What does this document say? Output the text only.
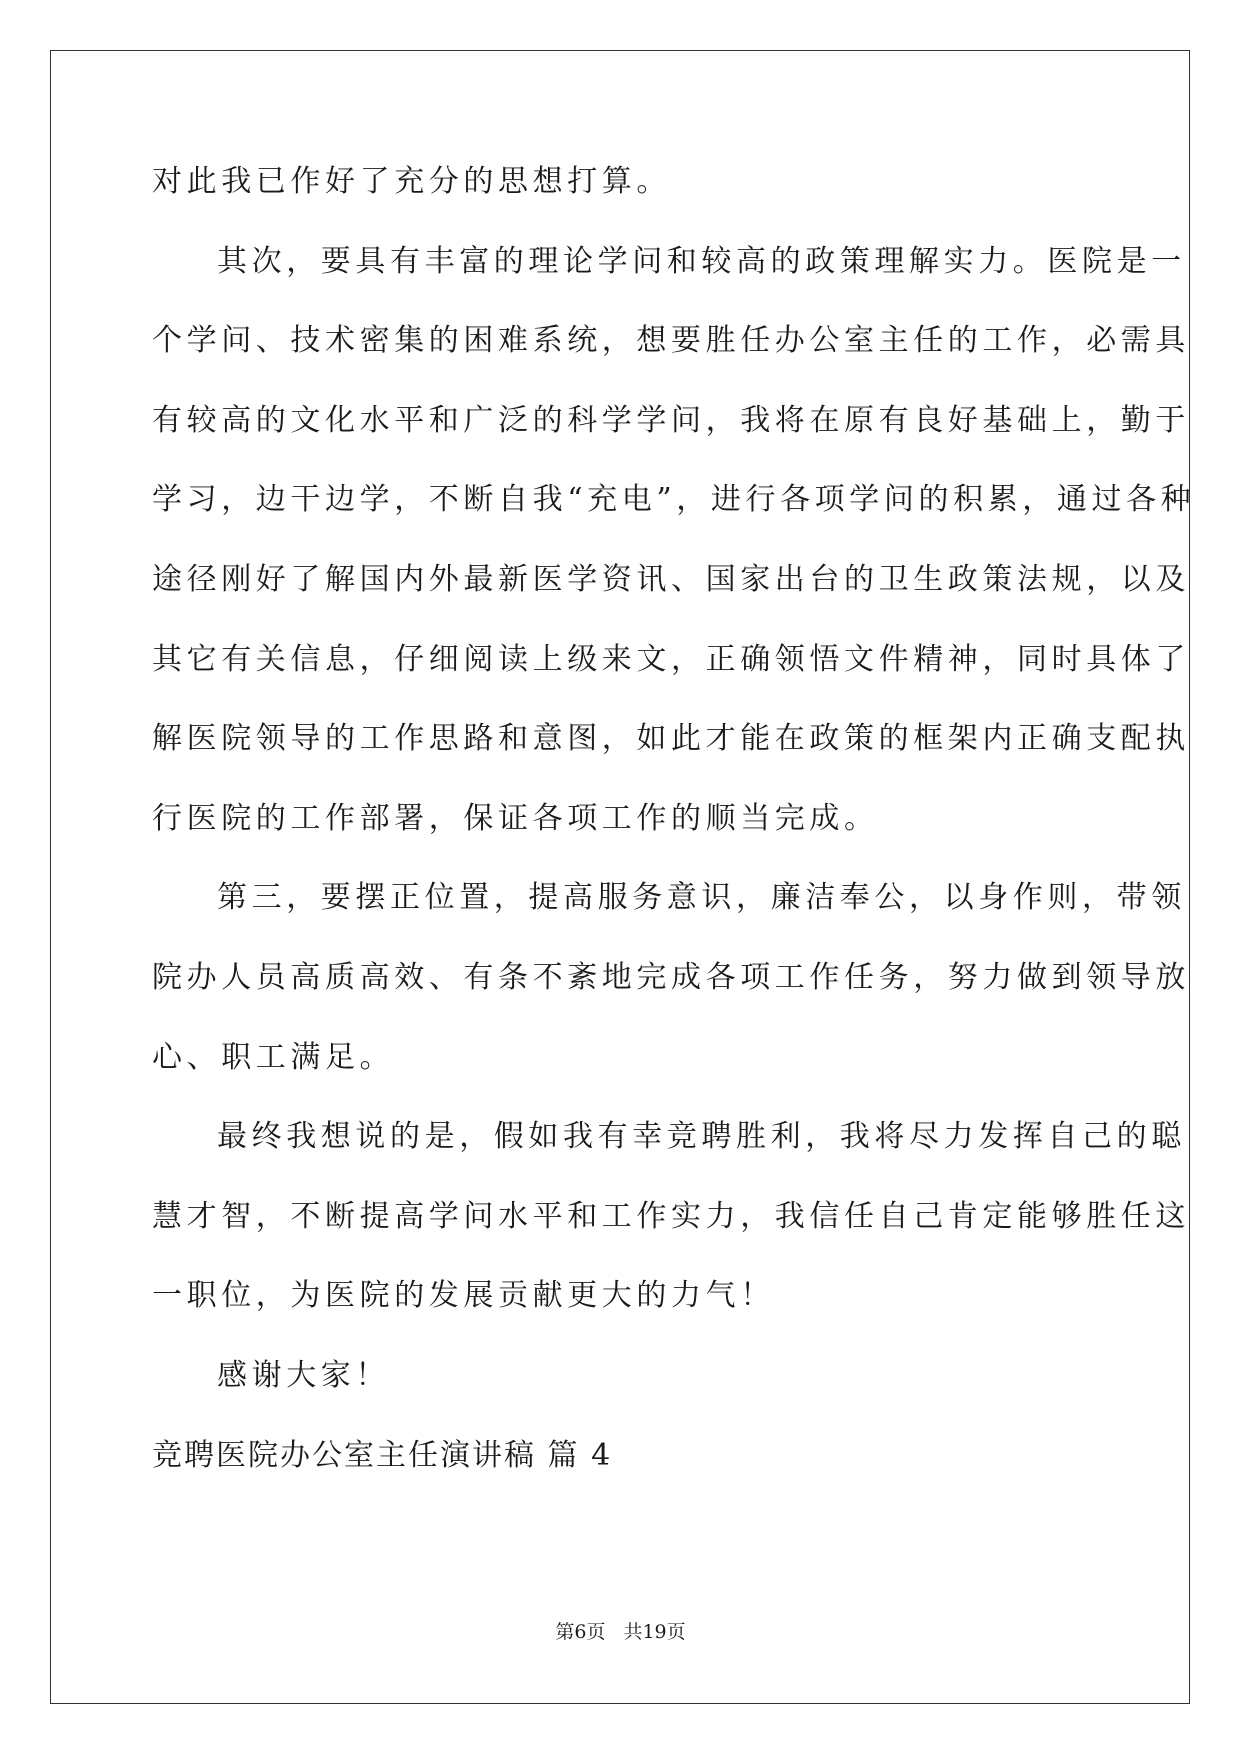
对此我已作好了充分的思想打算。
其次，要具有丰富的理论学问和较高的政策理解实力。医院是一
个学问、技术密集的困难系统，想要胜任办公室主任的工作，必需具
有较高的文化水平和广泛的科学学问，我将在原有良好基础上，勤于
学习，边干边学，不断自我“充电”，进行各项学问的积累，通过各种
途径刚好了解国内外最新医学资讯、国家出台的卫生政策法规，以及
其它有关信息，仔细阅读上级来文，正确领悟文件精神，同时具体了
解医院领导的工作思路和意图，如此才能在政策的框架内正确支配执
行医院的工作部署，保证各项工作的顺当完成。
第三，要摆正位置，提高服务意识，廉洁奉公，以身作则，带领
院办人员高质高效、有条不紊地完成各项工作任务，努力做到领导放
心、职工满足。
最终我想说的是，假如我有幸竞聘胜利，我将尽力发挥自己的聪
慧才智，不断提高学问水平和工作实力，我信任自己肯定能够胜任这
一职位，为医院的发展贡献更大的力气！
感谢大家！
竞聘医院办公室主任演讲稿 篇 4
第6页 共19页
